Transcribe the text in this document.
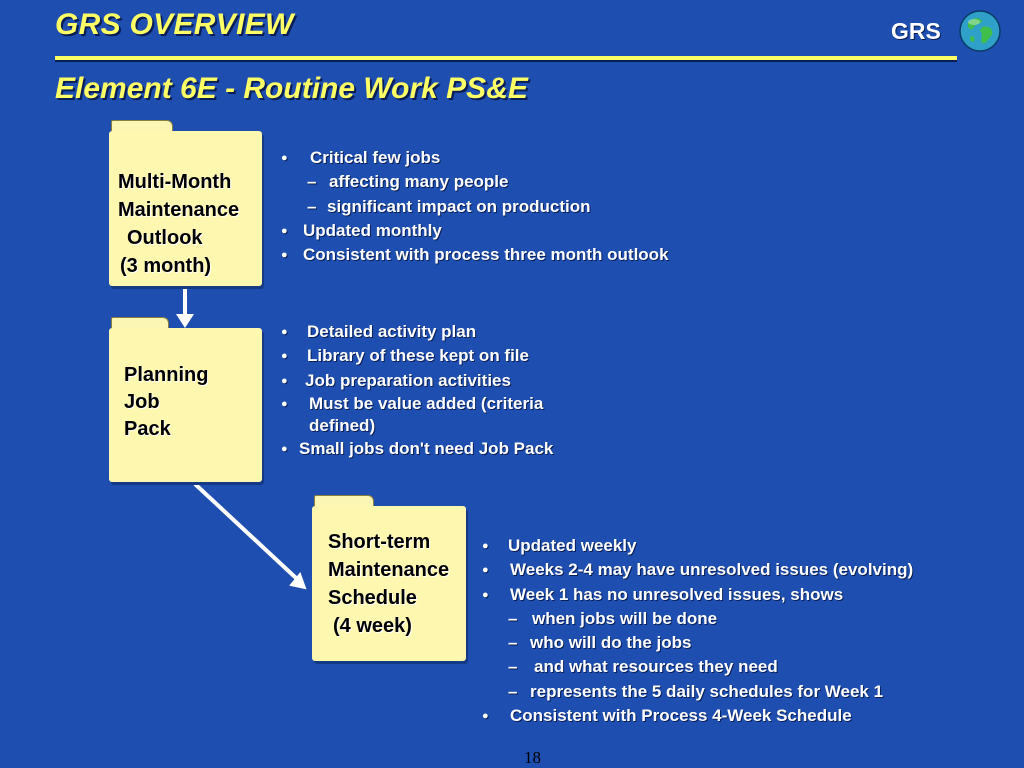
GRS OVERVIEW
Element 6E - Routine Work PS&E
GRS
Multi-Month
Maintenance
Outlook
(3 month)
Planning
Job
Pack
Short-term
Maintenance
Schedule
(4 week)
● Critical few jobs
– affecting many people
– significant impact on production
● Updated monthly
● Consistent with process three month outlook
● Detailed activity plan
● Library of these kept on file
● Job preparation activities
● Must be value added (criteria
defined)
● Small jobs don't need Job Pack
● Updated weekly
● Weeks 2-4 may have unresolved issues (evolving)
● Week 1 has no unresolved issues, shows
– when jobs will be done
– who will do the jobs
– and what resources they need
– represents the 5 daily schedules for Week 1
● Consistent with Process 4-Week Schedule
18
